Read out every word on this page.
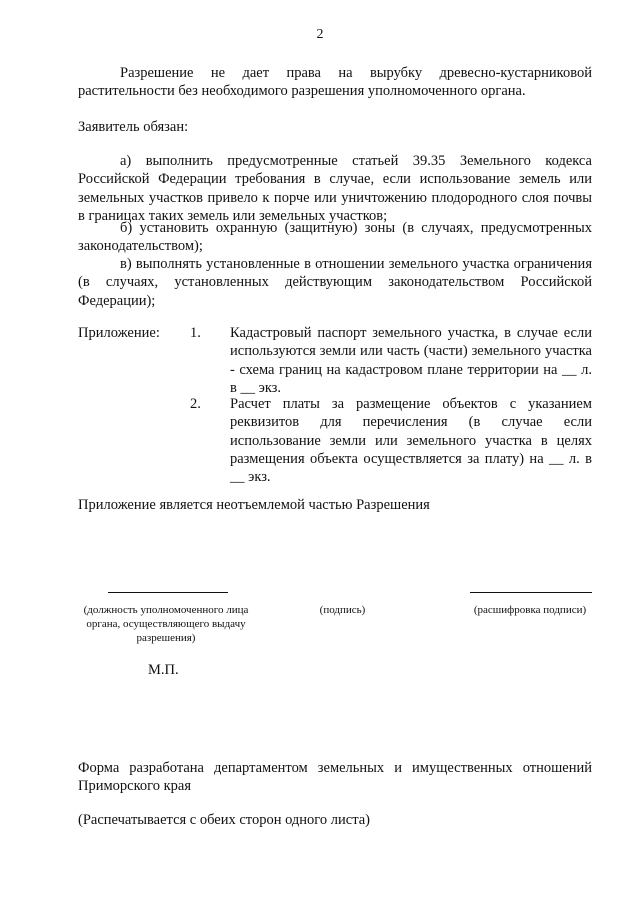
2
Разрешение не дает права на вырубку древесно-кустарниковой растительности без необходимого разрешения уполномоченного органа.
Заявитель обязан:
а) выполнить предусмотренные статьей 39.35 Земельного кодекса Российской Федерации требования в случае, если использование земель или земельных участков привело к порче или уничтожению плодородного слоя почвы в границах таких земель или земельных участков;
б) установить охранную (защитную) зоны (в случаях, предусмотренных законодательством);
в) выполнять установленные в отношении земельного участка ограничения (в случаях, установленных действующим законодательством Российской Федерации);
Приложение: 1. Кадастровый паспорт земельного участка, в случае если используются земли или часть (части) земельного участка - схема границ на кадастровом плане территории на __ л. в __ экз.
2. Расчет платы за размещение объектов с указанием реквизитов для перечисления (в случае если использование земли или земельного участка в целях размещения объекта осуществляется за плату) на __ л. в __ экз.
Приложение является неотъемлемой частью Разрешения
(должность уполномоченного лица органа, осуществляющего выдачу разрешения)
(подпись)	(расшифровка подписи)
М.П.
Форма разработана департаментом земельных и имущественных отношений Приморского края
(Распечатывается с обеих сторон одного листа)
